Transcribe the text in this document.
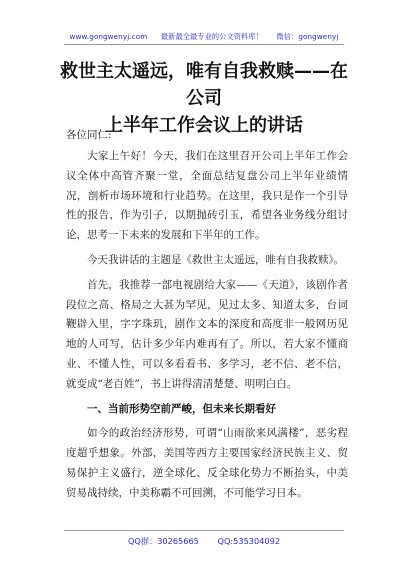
www.gongwenyj.com 最新最全最专业的公文资料库！ 微信：gongwenyj
救世主太遥远，唯有自我救赎——在公司
上半年工作会议上的讲话
各位同仁:

大家上午好！今天，我们在这里召开公司上半年工作会议全体中高管齐聚一堂，全面总结复盘公司上半年业绩情况，剖析市场环境和行业趋势。在这里，我只是作一个引导性的报告，作为引子，以期抛砖引玉，希望各业务线分组讨论，思考一下未来的发展和下半年的工作。

今天我讲话的主题是《救世主太遥远，唯有自我救赎》。

首先，我推荐一部电视剧给大家——《天道》，该剧作者段位之高、格局之大甚为罕见，见过太多、知道太多，台词鞭辟入里，字字珠玑，剧作文本的深度和高度非一般网历见地的人可写，估计多少年内难再有了。所以，若大家不懂商业、不懂人性，可以多看看书、多学习，老不信、老不信，就变成“老百姓”，书上讲得清清楚楚、明明白白。

一、当前形势空前严峻，但未来长期看好

如今的政治经济形势，可谓“山雨欲来风满楼”，恶劣程度超乎想象。外部，美国等西方主要国家经济民族主义、贸易保护主义盛行，逆全球化、反全球化势力不断抬头，中美贸易战持续，中美称霸不可回溯，不可能学习日本。

QQ群：30265665 QQ:535304092
